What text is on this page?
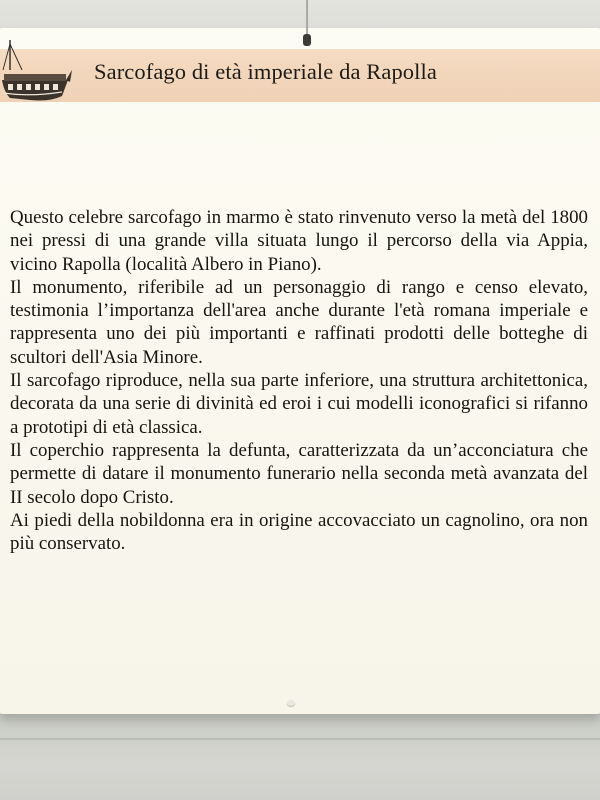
Sarcofago di età imperiale da Rapolla

Questo celebre sarcofago in marmo è stato rinvenuto verso la metà del 1800 nei pressi di una grande villa situata lungo il percorso della via Appia, vicino Rapolla (località Albero in Piano).

Il monumento, riferibile ad un personaggio di rango e censo elevato, testimonia l’importanza dell'area anche durante l'età romana imperiale e rappresenta uno dei più importanti e raffinati prodotti delle botteghe di scultori dell'Asia Minore.

Il sarcofago riproduce, nella sua parte inferiore, una struttura architettonica, decorata da una serie di divinità ed eroi i cui modelli iconografici si rifanno a prototipi di età classica.

Il coperchio rappresenta la defunta, caratterizzata da un’acconciatura che permette di datare il monumento funerario nella seconda metà avanzata del II secolo dopo Cristo.

Ai piedi della nobildonna era in origine accovacciato un cagnolino, ora non più conservato.
